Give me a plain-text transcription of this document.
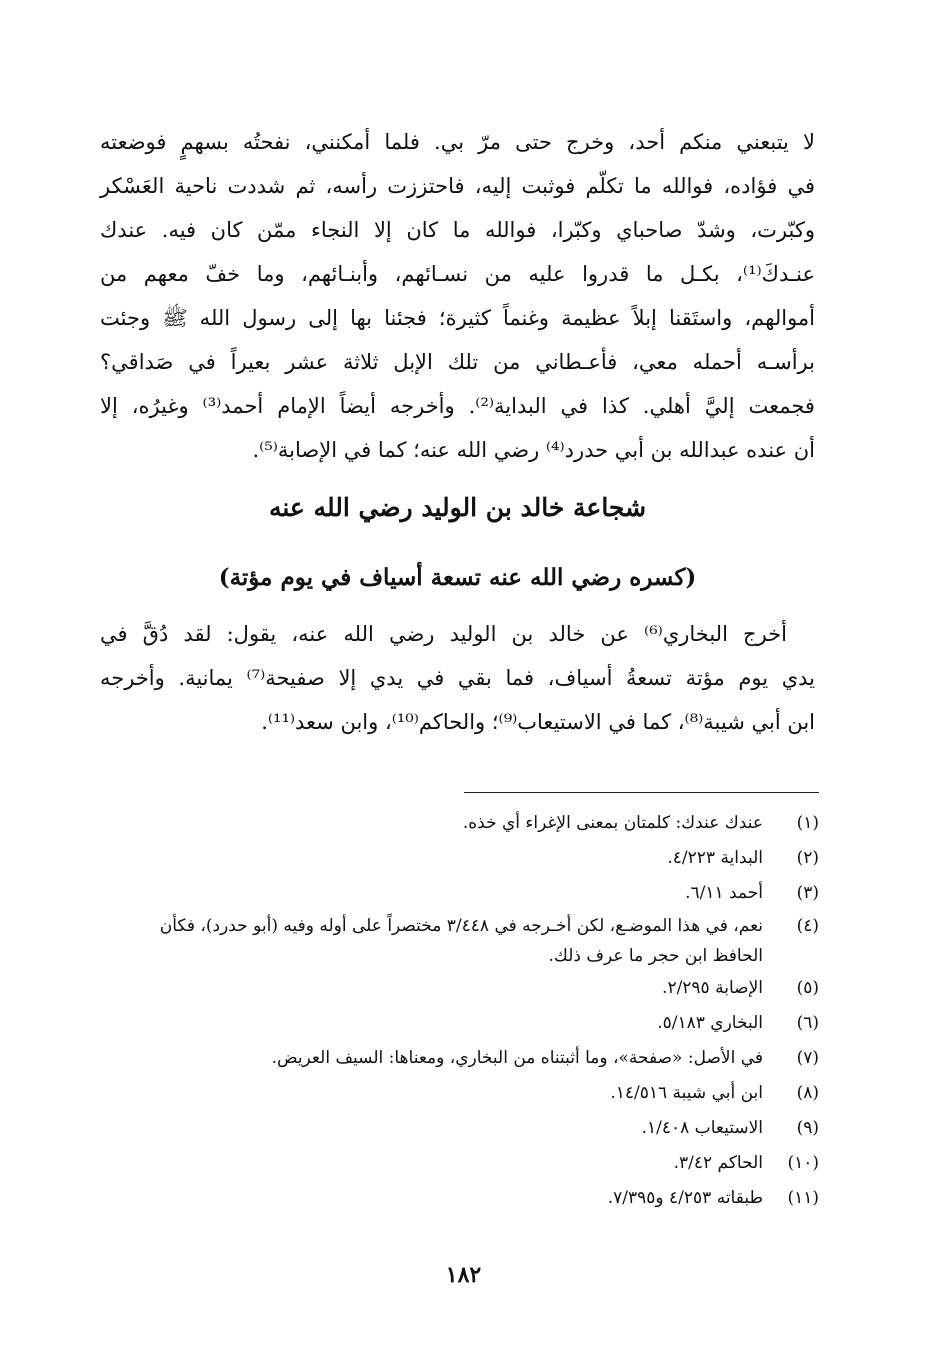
لا يتبعني منكم أحد، وخرج حتى مرّ بي. فلما أمكنني، نفحتُه بسهمٍ فوضعته
في فؤاده، فوالله ما تكلّم فوثبت إليه، فاحتززت رأسه، ثم شددت ناحية العَسْكر
وكبّرت، وشدّ صاحباي وكبّرا، فوالله ما كان إلا النجاء ممّن كان فيه. عندك
عنـدكَ⁽¹⁾، بكـل ما قدروا عليه من نسـائهم، وأبنـائهم، وما خفّ معهم من
أموالهم، واستَقنا إبلاً عظيمة وغنماً كثيرة؛ فجئنا بها إلى رسول الله ﷺ وجئت
برأسـه أحمله معي، فأعـطاني من تلك الإبل ثلاثة عشر بعيراً في صَداقي؟
فجمعت إليَّ أهلي. كذا في البداية⁽²⁾. وأخرجه أيضاً الإمام أحمد⁽³⁾ وغيرُه، إلا
أن عنده عبدالله بن أبي حدرد⁽⁴⁾ رضي الله عنه؛ كما في الإصابة⁽⁵⁾.
شجاعة خالد بن الوليد رضي الله عنه
(كسره رضي الله عنه تسعة أسياف في يوم مؤتة)
أخرج البخاري⁽⁶⁾ عن خالد بن الوليد رضي الله عنه، يقول: لقد دُقَّ في
يدي يوم مؤتة تسعةُ أسياف، فما بقي في يدي إلا صفيحة⁽⁷⁾ يمانية. وأخرجه
ابن أبي شيبة⁽⁸⁾، كما في الاستيعاب⁽⁹⁾؛ والحاكم⁽¹⁰⁾، وابن سعد⁽¹¹⁾.
(١)
عندك عندك: كلمتان بمعنى الإغراء أي خذه.
(٢)
البداية ٤/٢٢٣.
(٣)
أحمد ٦/١١.
(٤)
نعم، في هذا الموضـع، لكن أخـرجه في ٣/٤٤٨ مختصراً على أوله وفيه (أبو حدرد)، فكأن الحافظ ابن حجر ما عرف ذلك.
(٥)
الإصابة ٢/٢٩٥.
(٦)
البخاري ٥/١٨٣.
(٧)
في الأصل: «صفحة»، وما أثبتناه من البخاري، ومعناها: السيف العريض.
(٨)
ابن أبي شيبة ١٤/٥١٦.
(٩)
الاستيعاب ١/٤٠٨.
(١٠)
الحاكم ٣/٤٢.
(١١)
طبقاته ٤/٢٥٣ و٧/٣٩٥.
١٨٢
